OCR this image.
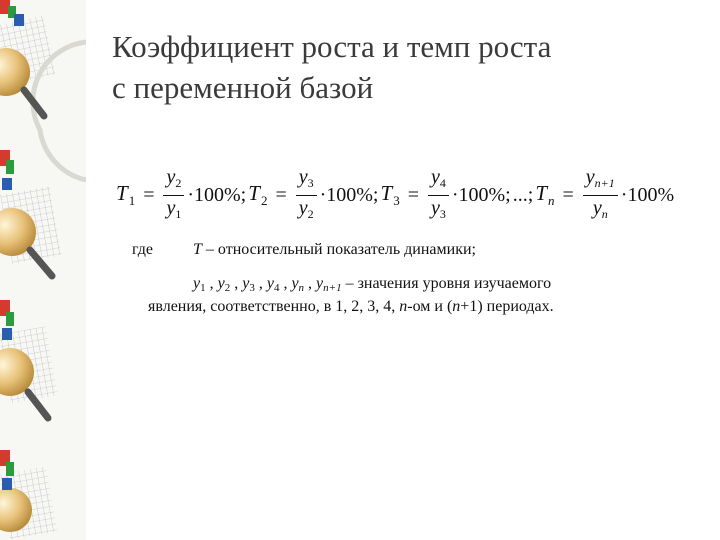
Коэффициент роста и темп роста
с переменной базой
$T_1 = \frac{y_2}{y_1} \cdot 100\%$; $T_2 = \frac{y_3}{y_2} \cdot 100\%$; $T_3 = \frac{y_4}{y_3} \cdot 100\%$; ...; $T_n = \frac{y_{n+1}}{y_n} \cdot 100\%$
где T – относительный показатель динамики;
y1 , y2 , y3 , y4 , yn , yn+1 – значения уровня изучаемого
явления, соответственно, в 1, 2, 3, 4, n-ом и (n+1) периодах.
